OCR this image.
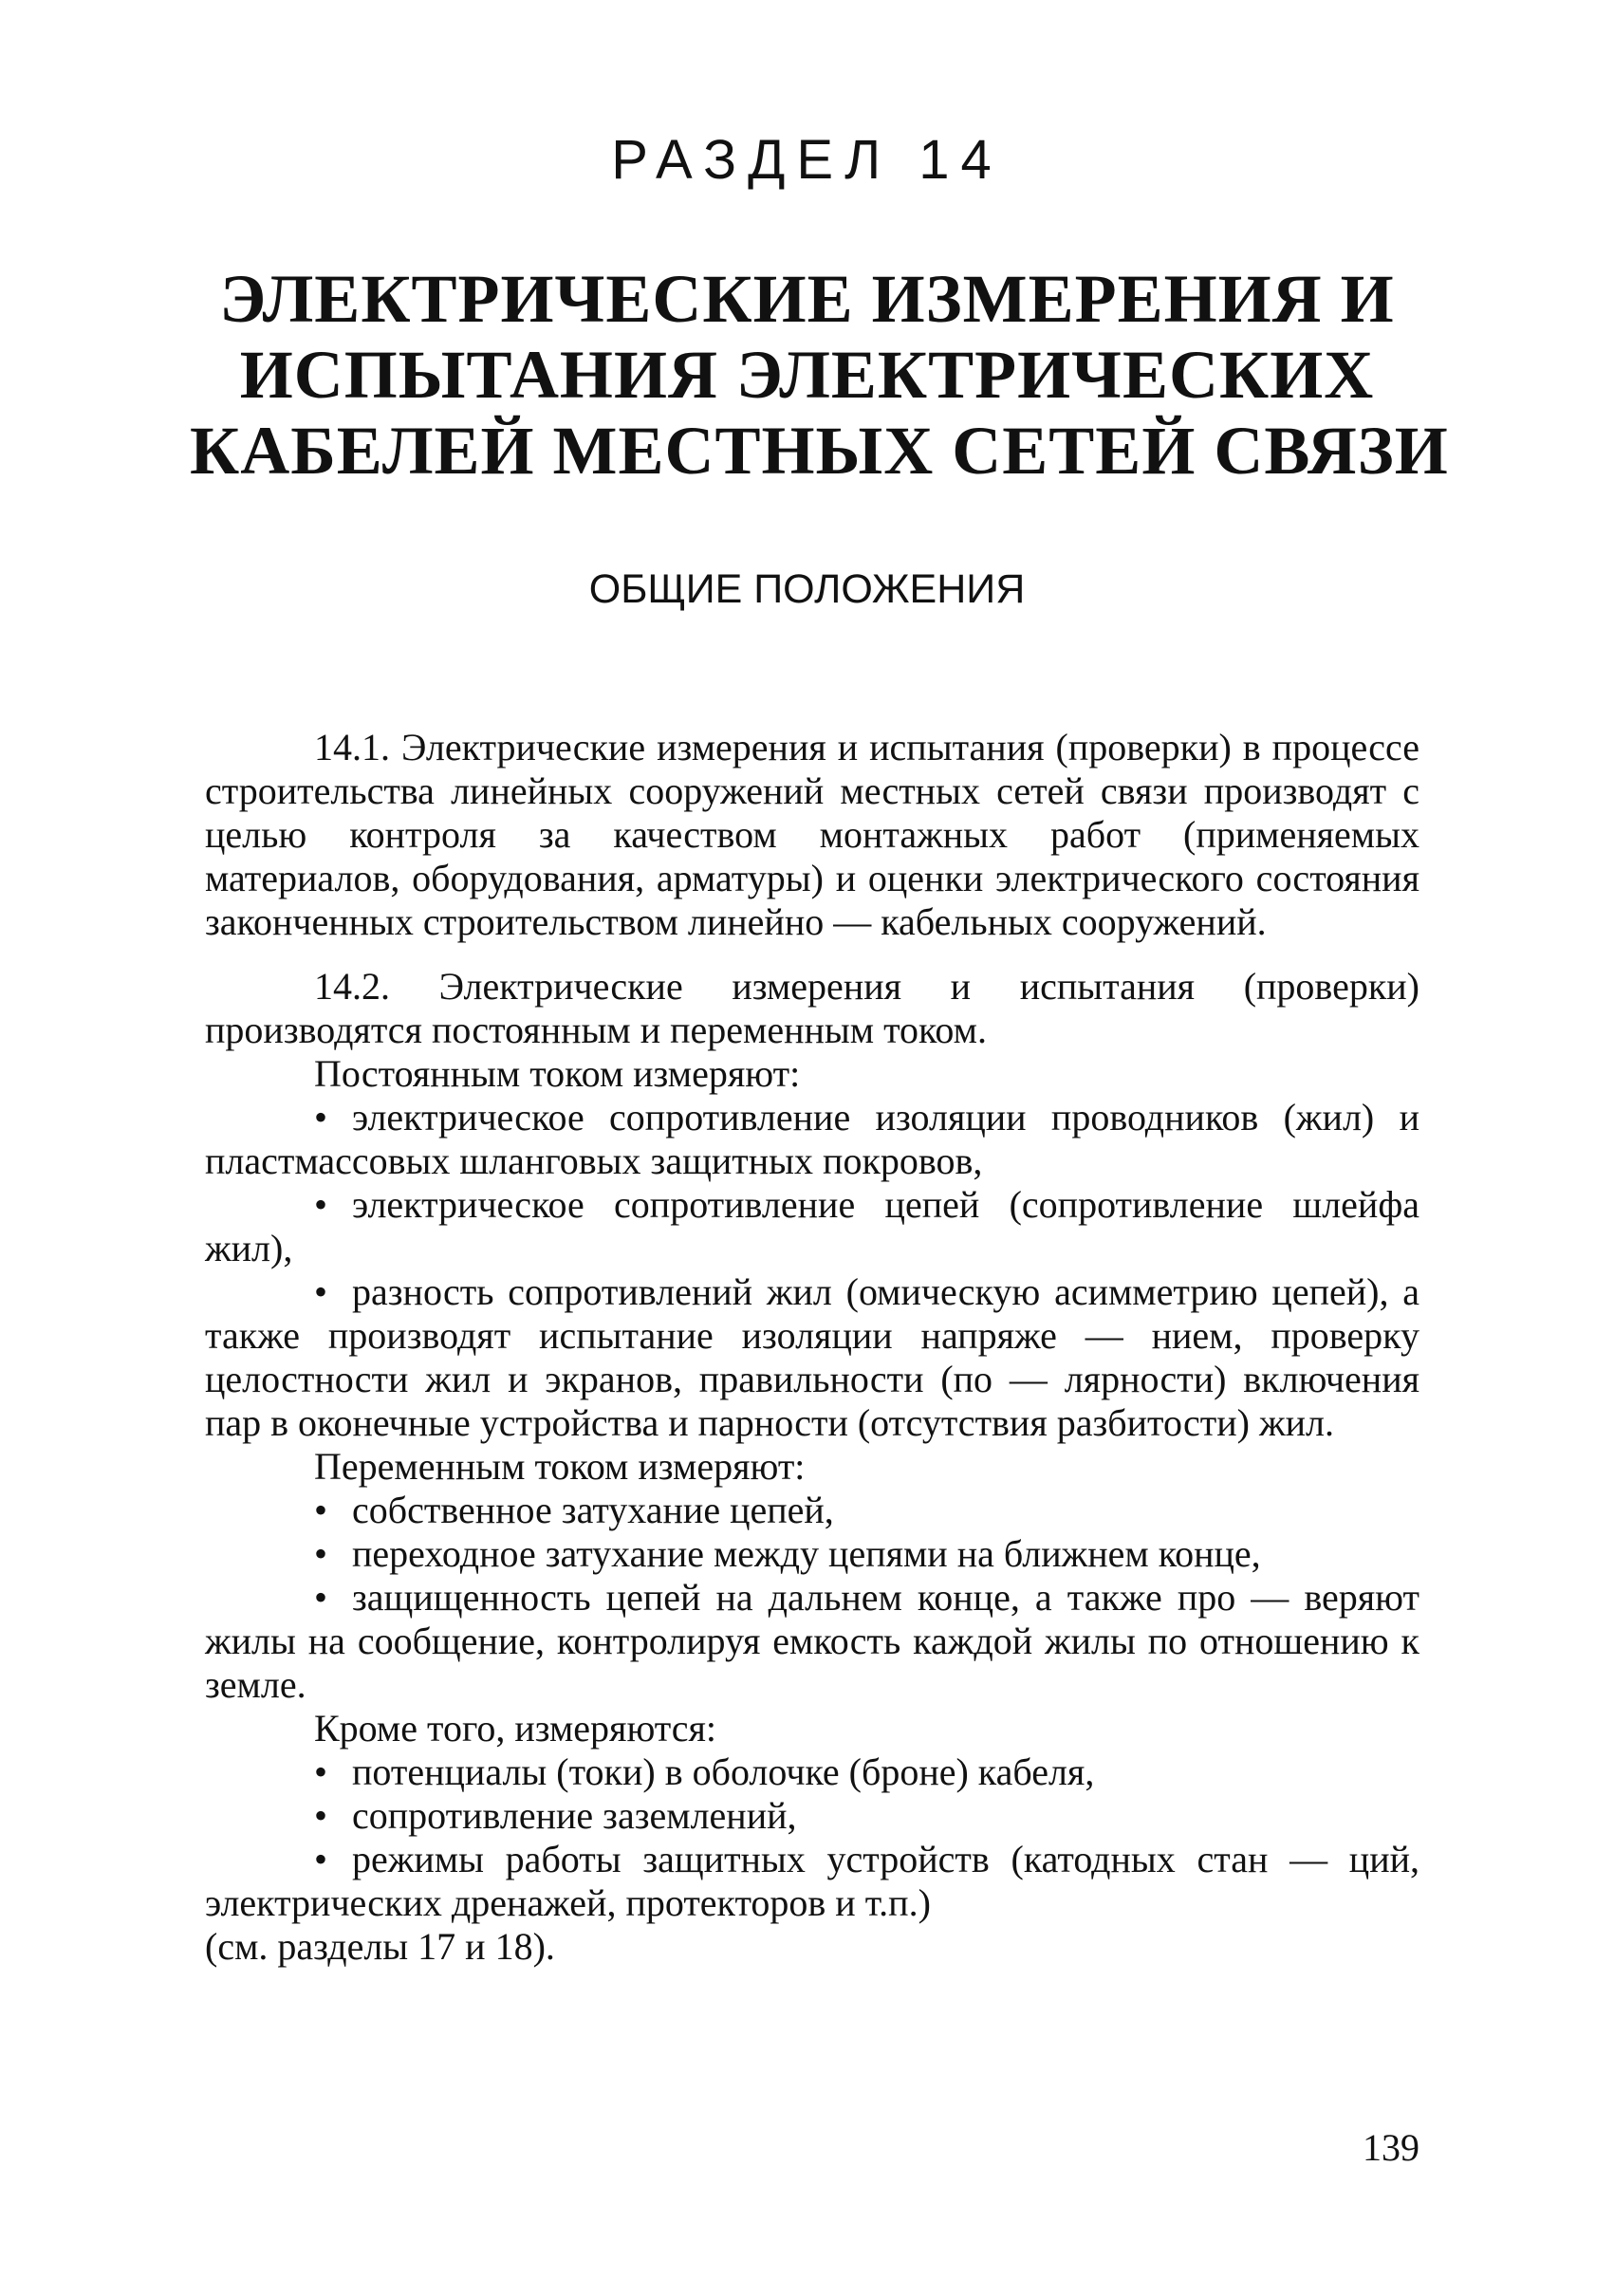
РАЗДЕЛ 14
ЭЛЕКТРИЧЕСКИЕ ИЗМЕРЕНИЯ И
ИСПЫТАНИЯ ЭЛЕКТРИЧЕСКИХ
КАБЕЛЕЙ МЕСТНЫХ СЕТЕЙ СВЯЗИ
ОБЩИЕ ПОЛОЖЕНИЯ

14.1. Электрические измерения и испытания (проверки) в процессе строительства линейных сооружений местных сетей связи производят с целью контроля за качеством монтажных работ (применяемых материалов, оборудования, арматуры) и оценки электрического состояния законченных строительством линейно — кабельных сооружений.

14.2. Электрические измерения и испытания (проверки) производятся постоянным и переменным током.

Постоянным током измеряют:

• электрическое сопротивление изоляции проводников (жил) и пластмассовых шланговых защитных покровов,

• электрическое сопротивление цепей (сопротивление шлейфа жил),

• разность сопротивлений жил (омическую асимметрию цепей), а также производят испытание изоляции напряже — нием, проверку целостности жил и экранов, правильности (по — лярности) включения пар в оконечные устройства и парности (отсутствия разбитости) жил.

Переменным током измеряют:

• собственное затухание цепей,

• переходное затухание между цепями на ближнем конце,

• защищенность цепей на дальнем конце, а также про — веряют жилы на сообщение, контролируя емкость каждой жилы по отношению к земле.

Кроме того, измеряются:

• потенциалы (токи) в оболочке (броне) кабеля,

• сопротивление заземлений,

• режимы работы защитных устройств (катодных стан — ций, электрических дренажей, протекторов и т.п.)

(см. разделы 17 и 18).

139
